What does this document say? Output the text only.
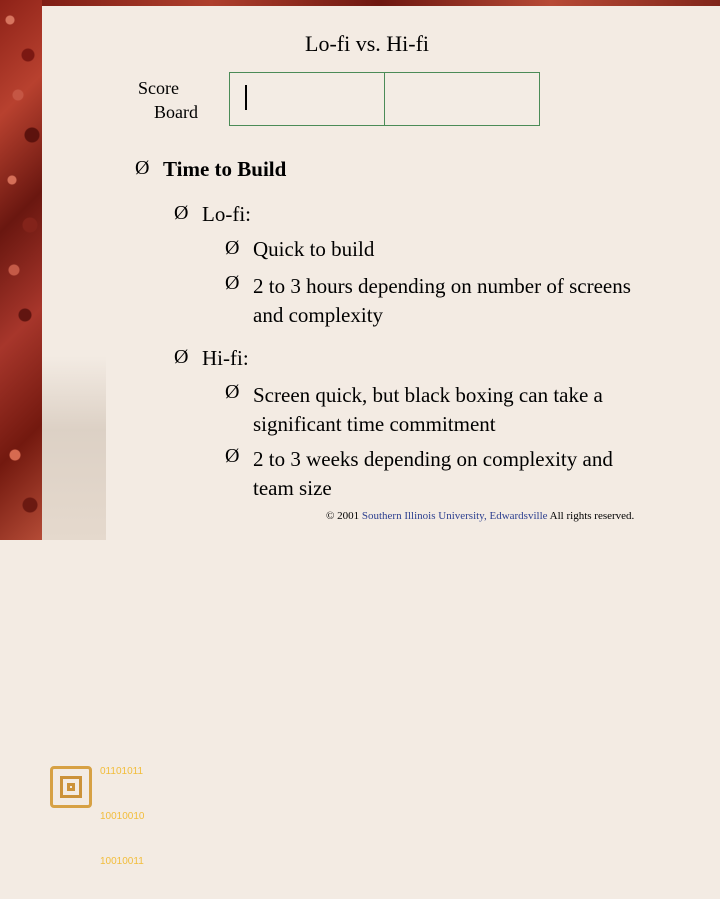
01101011

10010010

10010011

Lo-fi vs. Hi-fi
Score
Board
Ø Time to Build
Ø Lo-fi:
Ø Quick to build
Ø 2 to 3 hours depending on number of screens
and complexity
Ø Hi-fi:
Ø Screen quick, but black boxing can take a
significant time commitment
Ø 2 to 3 weeks depending on complexity and
team size
© 2001 Southern Illinois University, Edwardsville All rights reserved.
